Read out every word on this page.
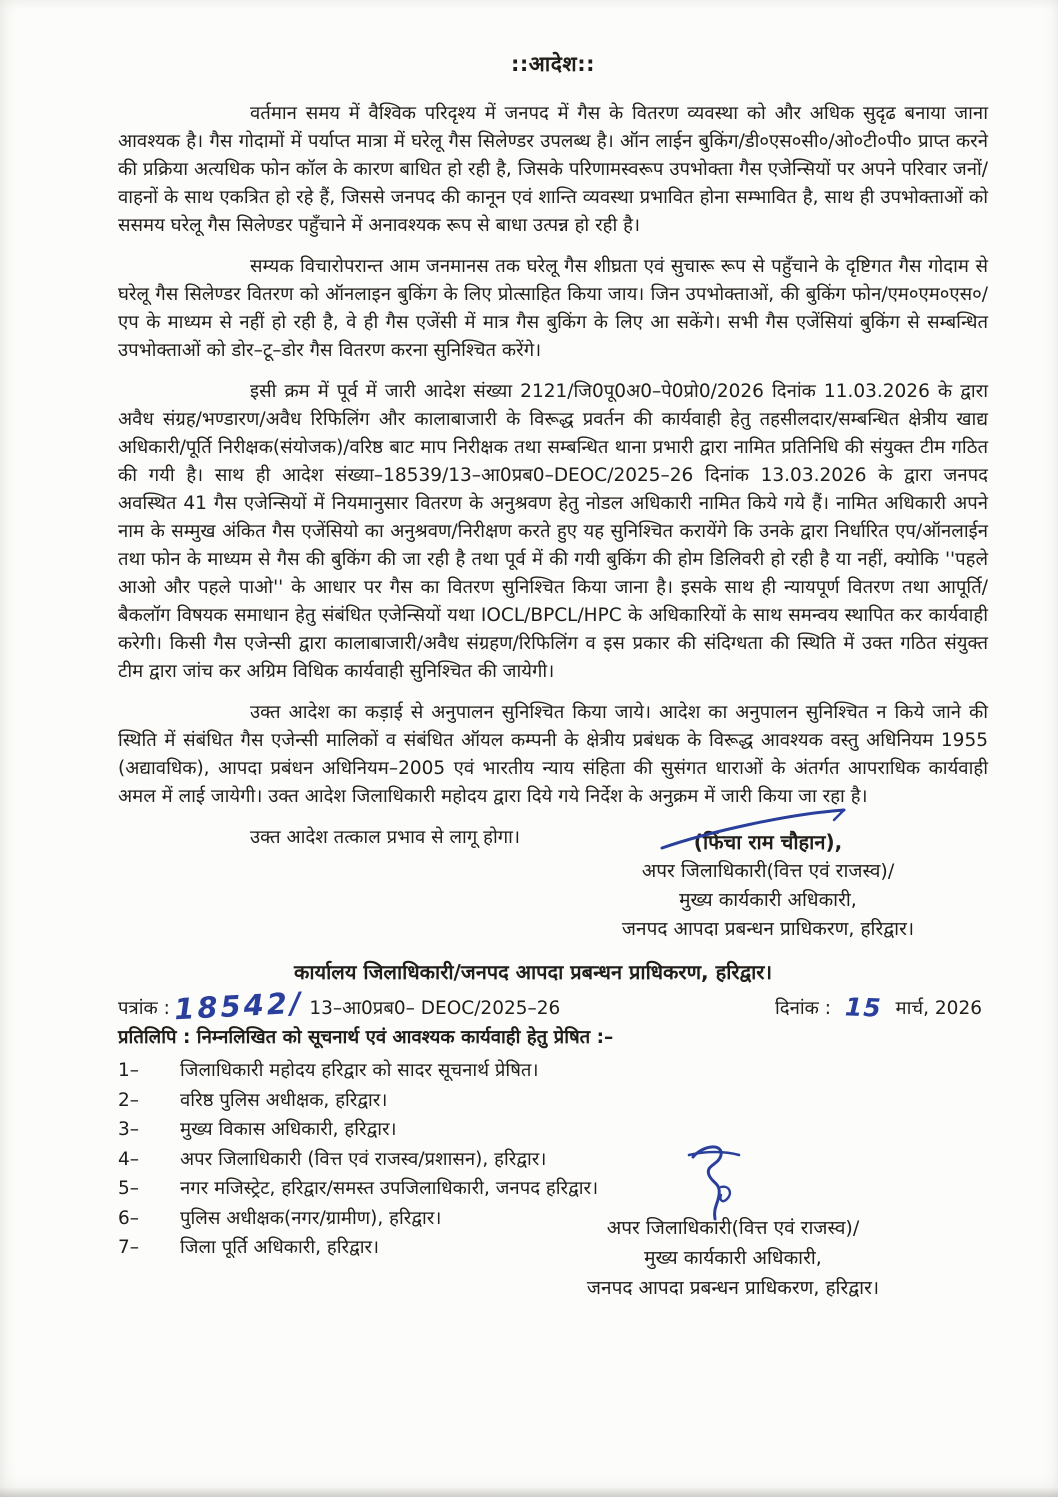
::आदेश::

वर्तमान समय में वैश्विक परिदृश्य में जनपद में गैस के वितरण व्यवस्था को और अधिक सुदृढ बनाया जाना आवश्यक है। गैस गोदामों में पर्याप्त मात्रा में घरेलू गैस सिलेण्डर उपलब्ध है। ऑन लाईन बुकिंग/डी०एस०सी०/ओ०टी०पी० प्राप्त करने की प्रक्रिया अत्यधिक फोन कॉल के कारण बाधित हो रही है, जिसके परिणामस्वरूप उपभोक्ता गैस एजेन्सियों पर अपने परिवार जनों/वाहनों के साथ एकत्रित हो रहे हैं, जिससे जनपद की कानून एवं शान्ति व्यवस्था प्रभावित होना सम्भावित है, साथ ही उपभोक्ताओं को ससमय घरेलू गैस सिलेण्डर पहुँचाने में अनावश्यक रूप से बाधा उत्पन्न हो रही है।

सम्यक विचारोपरान्त आम जनमानस तक घरेलू गैस शीघ्रता एवं सुचारू रूप से पहुँचाने के दृष्टिगत गैस गोदाम से घरेलू गैस सिलेण्डर वितरण को ऑनलाइन बुकिंग के लिए प्रोत्साहित किया जाय। जिन उपभोक्ताओं, की बुकिंग फोन/एम०एम०एस०/एप के माध्यम से नहीं हो रही है, वे ही गैस एजेंसी में मात्र गैस बुकिंग के लिए आ सकेंगे। सभी गैस एजेंसियां बुकिंग से सम्बन्धित उपभोक्ताओं को डोर–टू–डोर गैस वितरण करना सुनिश्चित करेंगे।

इसी क्रम में पूर्व में जारी आदेश संख्या 2121/जि0पू0अ0–पे0प्रो0/2026 दिनांक 11.03.2026 के द्वारा अवैध संग्रह/भण्डारण/अवैध रिफिलिंग और कालाबाजारी के विरूद्ध प्रवर्तन की कार्यवाही हेतु तहसीलदार/सम्बन्धित क्षेत्रीय खाद्य अधिकारी/पूर्ति निरीक्षक(संयोजक)/वरिष्ठ बाट माप निरीक्षक तथा सम्बन्धित थाना प्रभारी द्वारा नामित प्रतिनिधि की संयुक्त टीम गठित की गयी है। साथ ही आदेश संख्या–18539/13–आ0प्रब0–DEOC/2025–26 दिनांक 13.03.2026 के द्वारा जनपद अवस्थित 41 गैस एजेन्सियों में नियमानुसार वितरण के अनुश्रवण हेतु नोडल अधिकारी नामित किये गये हैं। नामित अधिकारी अपने नाम के सम्मुख अंकित गैस एजेंसियो का अनुश्रवण/निरीक्षण करते हुए यह सुनिश्चित करायेंगे कि उनके द्वारा निर्धारित एप/ऑनलाईन तथा फोन के माध्यम से गैस की बुकिंग की जा रही है तथा पूर्व में की गयी बुकिंग की होम डिलिवरी हो रही है या नहीं, क्योकि ''पहले आओ और पहले पाओ'' के आधार पर गैस का वितरण सुनिश्चित किया जाना है। इसके साथ ही न्यायपूर्ण वितरण तथा आपूर्ति/बैकलॉग विषयक समाधान हेतु संबंधित एजेन्सियों यथा IOCL/BPCL/HPC के अधिकारियों के साथ समन्वय स्थापित कर कार्यवाही करेगी। किसी गैस एजेन्सी द्वारा कालाबाजारी/अवैध संग्रहण/रिफिलिंग व इस प्रकार की संदिग्धता की स्थिति में उक्त गठित संयुक्त टीम द्वारा जांच कर अग्रिम विधिक कार्यवाही सुनिश्चित की जायेगी।

उक्त आदेश का कड़ाई से अनुपालन सुनिश्चित किया जाये। आदेश का अनुपालन सुनिश्चित न किये जाने की स्थिति में संबंधित गैस एजेन्सी मालिकों व संबंधित ऑयल कम्पनी के क्षेत्रीय प्रबंधक के विरूद्ध आवश्यक वस्तु अधिनियम 1955 (अद्यावधिक), आपदा प्रबंधन अधिनियम–2005 एवं भारतीय न्याय संहिता की सुसंगत धाराओं के अंतर्गत आपराधिक कार्यवाही अमल में लाई जायेगी। उक्त आदेश जिलाधिकारी महोदय द्वारा दिये गये निर्देश के अनुक्रम में जारी किया जा रहा है।

उक्त आदेश तत्काल प्रभाव से लागू होगा।	(फिंचा राम चौहान),
अपर जिलाधिकारी(वित्त एवं राजस्व)/
मुख्य कार्यकारी अधिकारी,
जनपद आपदा प्रबन्धन प्राधिकरण, हरिद्वार।
कार्यालय जिलाधिकारी/जनपद आपदा प्रबन्धन प्राधिकरण, हरिद्वार।
पत्रांक : 18542/ 13–आ0प्रब0– DEOC/2025–26	दिनांक : 15 मार्च, 2026
प्रतिलिपि : निम्नलिखित को सूचनार्थ एवं आवश्यक कार्यवाही हेतु प्रेषित :–
1–	जिलाधिकारी महोदय हरिद्वार को सादर सूचनार्थ प्रेषित।
2–	वरिष्ठ पुलिस अधीक्षक, हरिद्वार।
3–	मुख्य विकास अधिकारी, हरिद्वार।
4–	अपर जिलाधिकारी (वित्त एवं राजस्व/प्रशासन), हरिद्वार।
5–	नगर मजिस्ट्रेट, हरिद्वार/समस्त उपजिलाधिकारी, जनपद हरिद्वार।
6–	पुलिस अधीक्षक(नगर/ग्रामीण), हरिद्वार।
7–	जिला पूर्ति अधिकारी, हरिद्वार।
अपर जिलाधिकारी(वित्त एवं राजस्व)/
मुख्य कार्यकारी अधिकारी,
जनपद आपदा प्रबन्धन प्राधिकरण, हरिद्वार।
